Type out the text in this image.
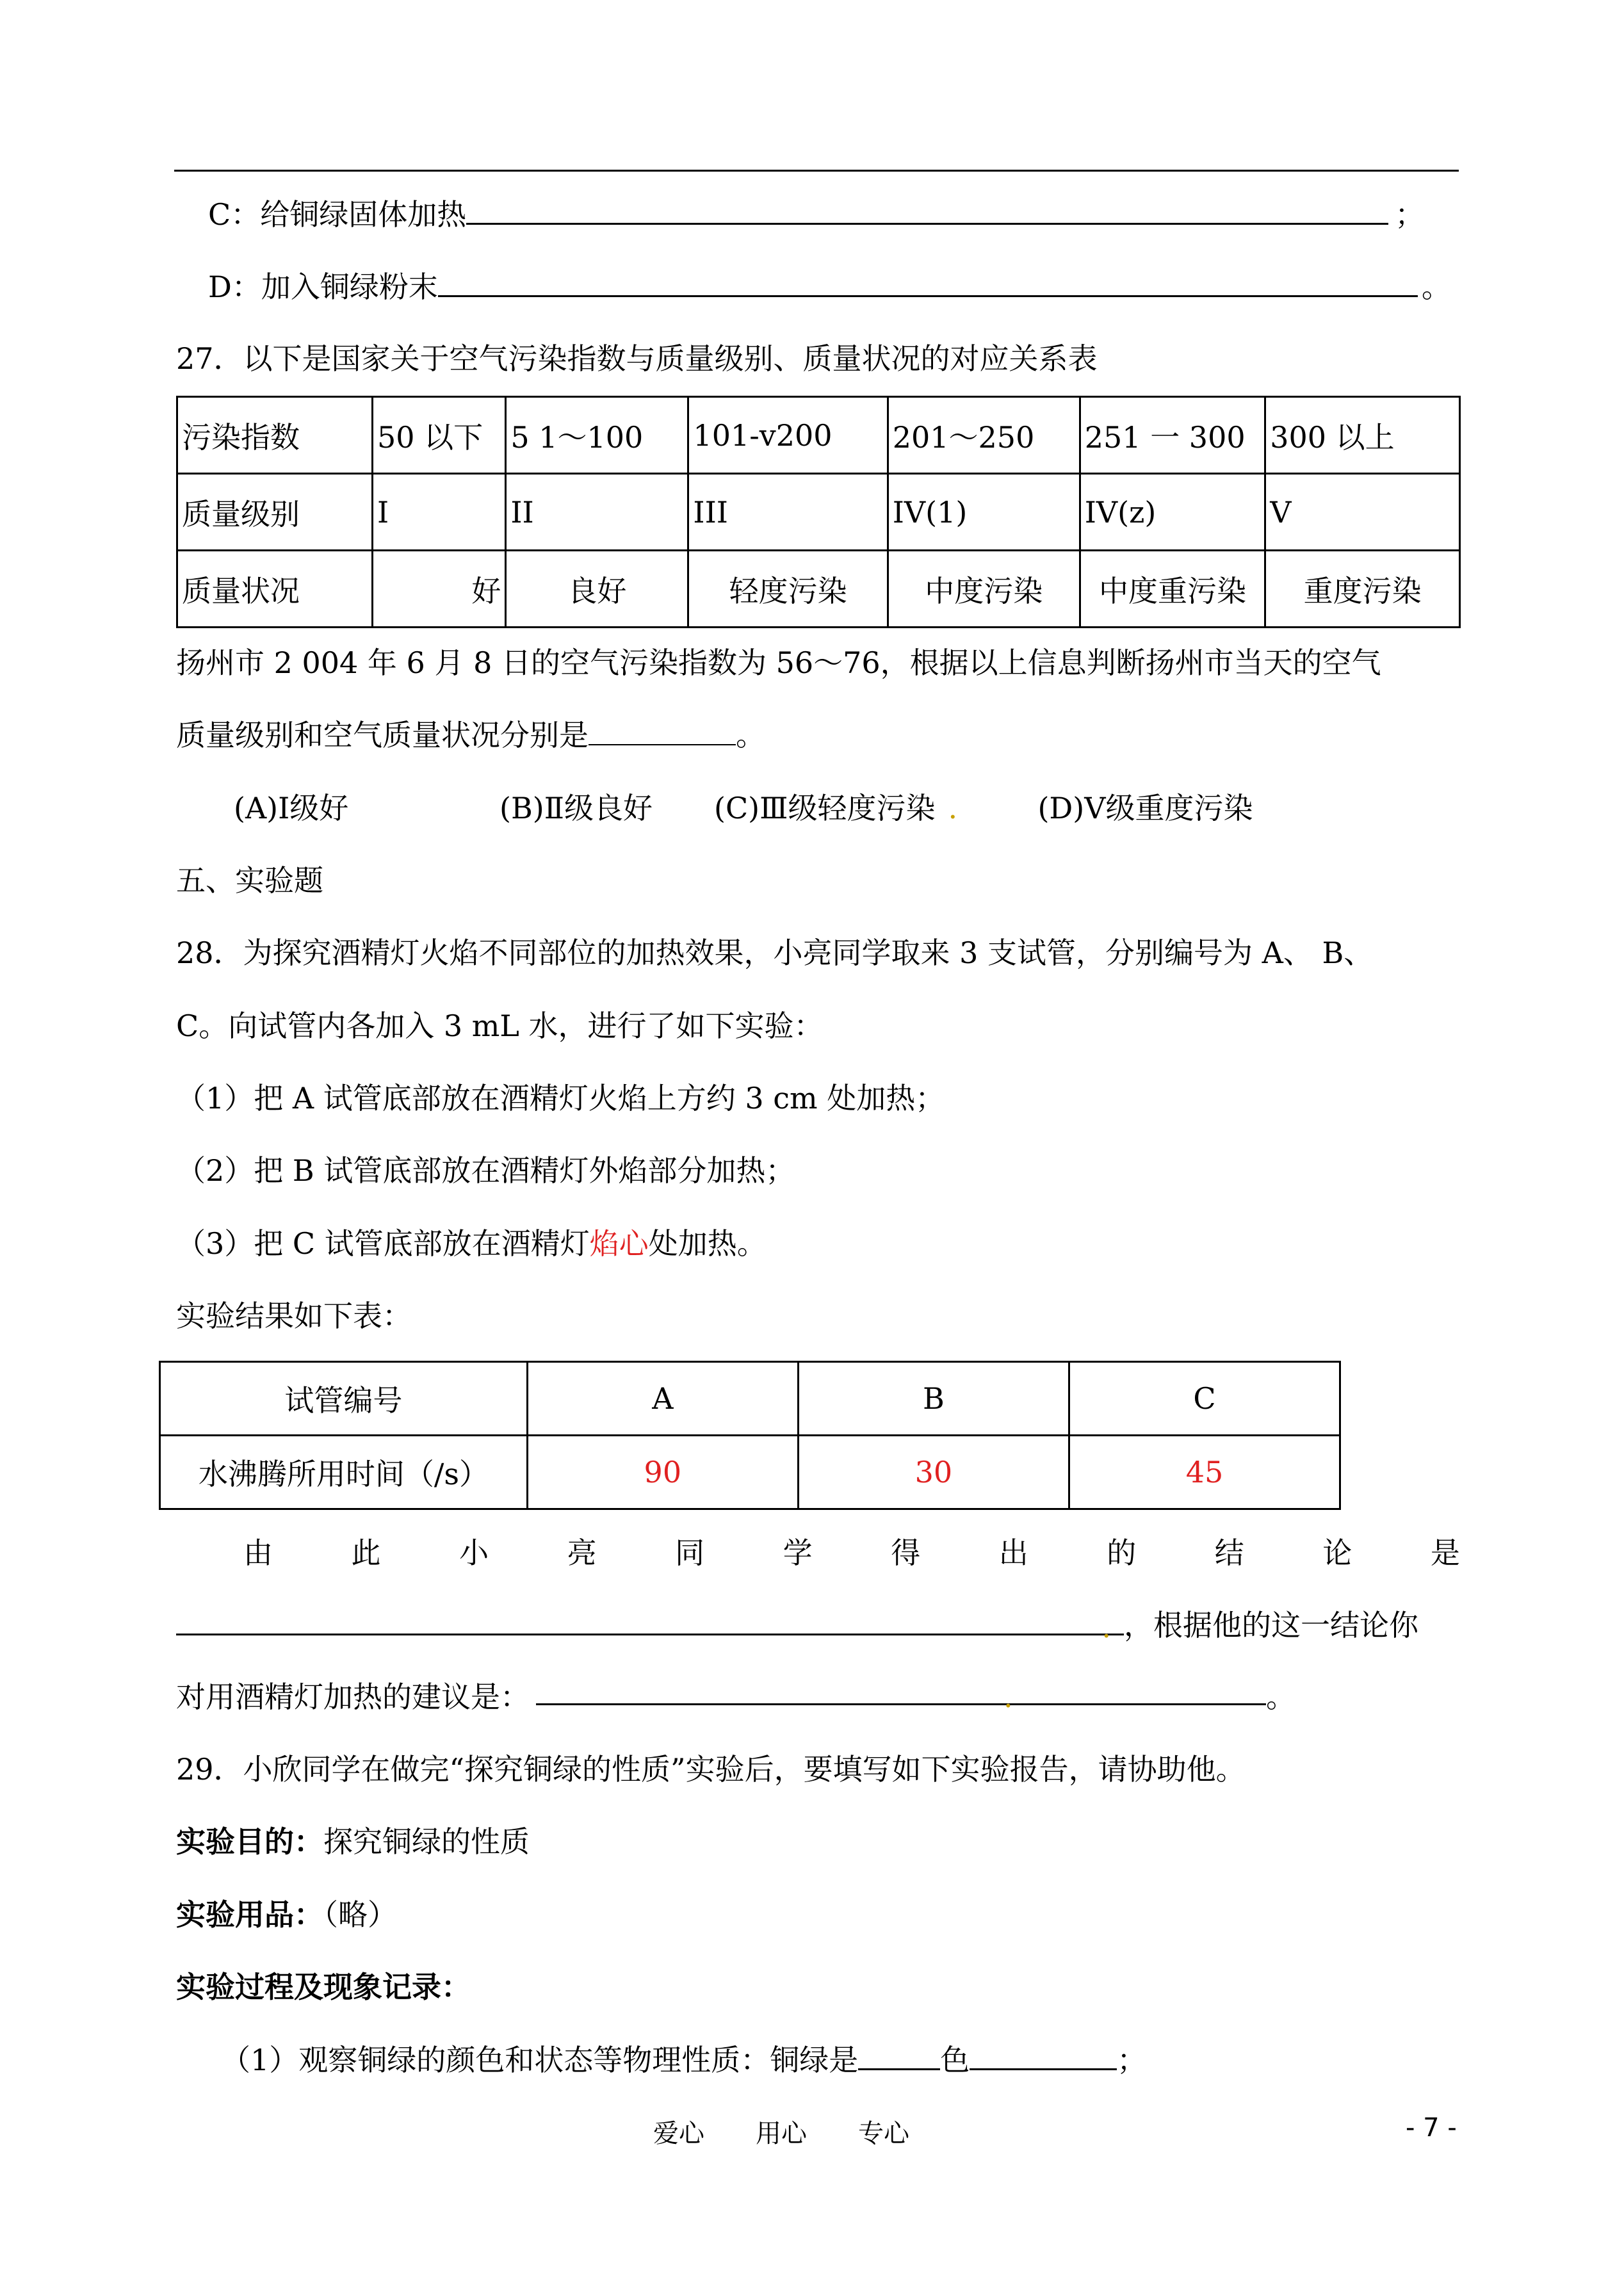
C：给铜绿固体加热	；
D：加入铜绿粉末	。
27．以下是国家关于空气污染指数与质量级别、质量状况的对应关系表
污染指数	50 以下	5 1～100	101-v200	201～250	251 一 300	300 以上
质量级别	I	II	III	IV(1)	IV(z)	V
质量状况	好	良好	轻度污染	中度污染	中度重污染	重度污染
扬州市 2 004 年 6 月 8 日的空气污染指数为 56～76，根据以上信息判断扬州市当天的空气
质量级别和空气质量状况分别是	。
(A)Ⅰ级好	(B)Ⅱ级良好 (C)Ⅲ级轻度污染 .	(D)Ⅴ级重度污染
五、实验题
28．为探究酒精灯火焰不同部位的加热效果，小亮同学取来 3 支试管，分别编号为 A、 B、
C。向试管内各加入 3 mL 水，进行了如下实验：
（1）把 A 试管底部放在酒精灯火焰上方约 3 cm 处加热；
（2）把 B 试管底部放在酒精灯外焰部分加热；
（3）把 C 试管底部放在酒精灯焰心处加热。
实验结果如下表：
试管编号	A	B	C
水沸腾所用时间（/s）	90	30	45
由	此	小	亮	同	学	得	出	的	结	论	是
. ，根据他的这一结论你
对用酒精灯加热的建议是：	.	。
29．小欣同学在做完“探究铜绿的性质”实验后，要填写如下实验报告，请协助他。
实验目的：探究铜绿的性质
实验用品：（略）
实验过程及现象记录：
（1）观察铜绿的颜色和状态等物理性质：铜绿是	色	；
爱心　　用心　　专心	- 7 -
